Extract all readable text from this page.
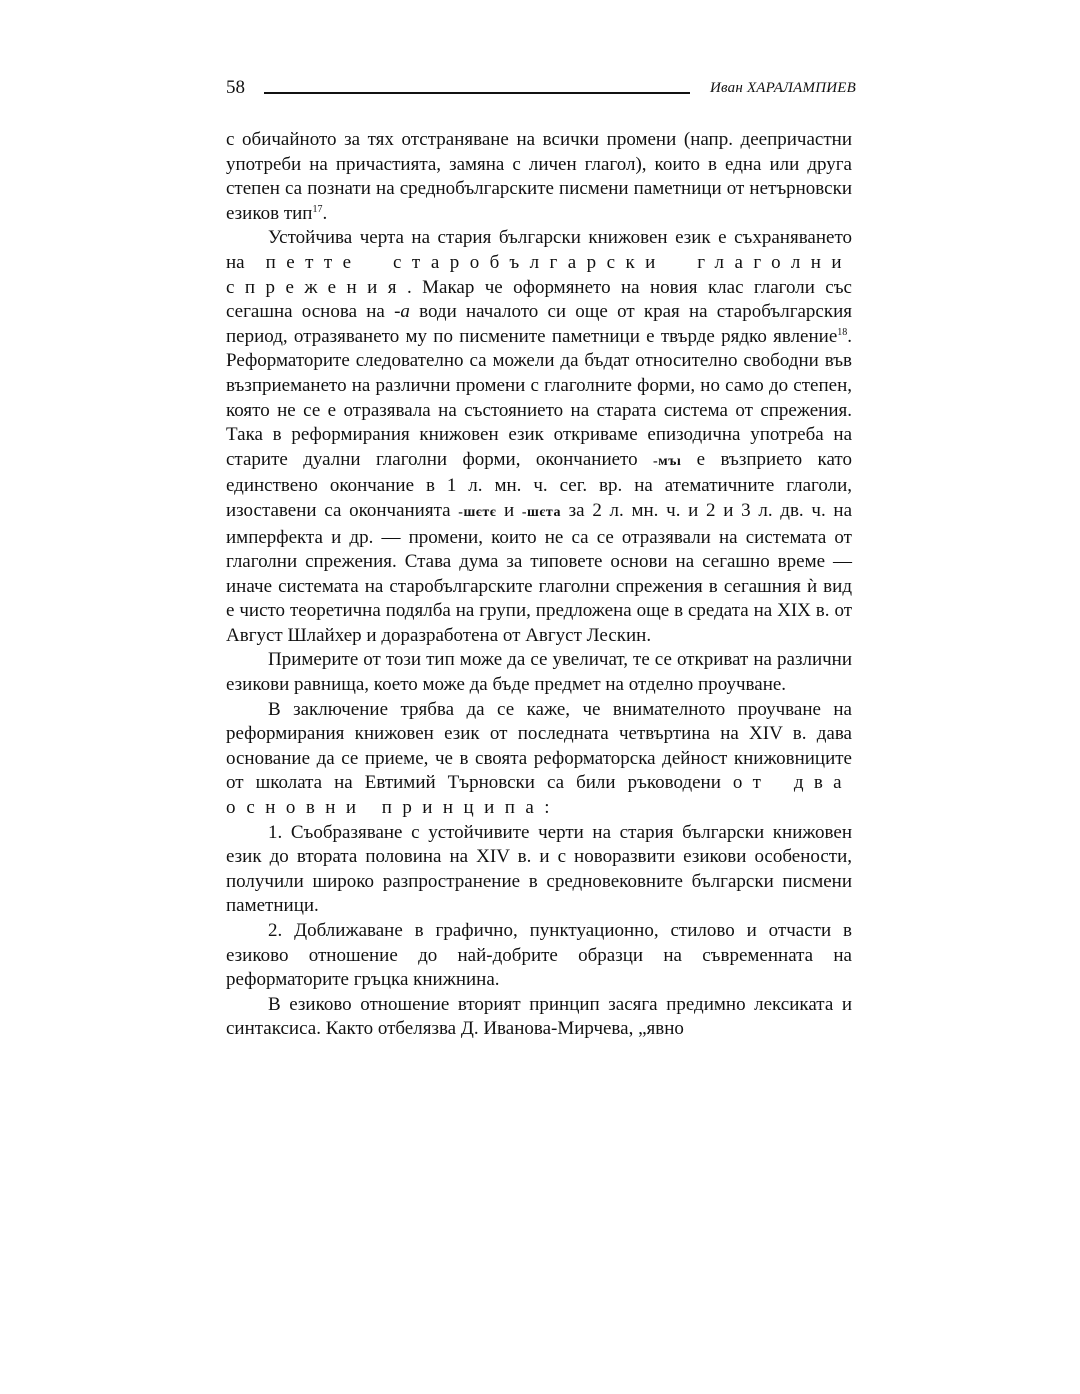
58	Иван ХАРАЛАМПИЕВ

с обичайното за тях отстраняване на всички промени (напр. деепричастни употреби на причастията, замяна с личен глагол), които в една или друга степен са познати на среднобългарските писмени паметници от нетърновски езиков тип$^{17}$.

Устойчива черта на стария български книжовен език е съхраняването на петте старобългарски глаголни спрежения. Макар че оформянето на новия клас глаголи със сегашна основа на -а води началото си още от края на старобългарския период, отразяването му по писмените паметници е твърде рядко явление$^{18}$. Реформаторите следователно са можели да бъдат относително свободни във възприемането на различни промени с глаголните форми, но само до степен, която не се е отразявала на състоянието на старата система от спрежения. Така в реформирания книжовен език откриваме епизодична употреба на старите дуални глаголни форми, окончанието -мъı е възприето като единствено окончание в 1 л. мн. ч. сег. вр. на атематичните глаголи, изоставени са окончанията -шєтє и -шєта за 2 л. мн. ч. и 2 и 3 л. дв. ч. на имперфекта и др. — промени, които не са се отразявали на системата от глаголни спрежения. Става дума за типовете основи на сегашно време — иначе системата на старобългарските глаголни спрежения в сегашния ѝ вид е чисто теоретична подялба на групи, предложена още в средата на XIX в. от Август Шлайхер и доразработена от Август Лескин.

Примерите от този тип може да се увеличат, те се откриват на различни езикови равнища, което може да бъде предмет на отделно проучване.

В заключение трябва да се каже, че внимателното проучване на реформирания книжовен език от последната четвъртина на XIV в. дава основание да се приеме, че в своята реформаторска дейност книжовниците от школата на Евтимий Търновски са били ръководени от два основни принципа:

1. Съобразяване с устойчивите черти на стария български книжовен език до втората половина на XIV в. и с новоразвити езикови особености, получили широко разпространение в средновековните български писмени паметници.

2. Доближаване в графично, пунктуационно, стилово и отчасти в езиково отношение до най-добрите образци на съвременната на реформаторите гръцка книжнина.

В езиково отношение вторият принцип засяга предимно лексиката и синтаксиса. Както отбелязва Д. Иванова-Мирчева, „явно
